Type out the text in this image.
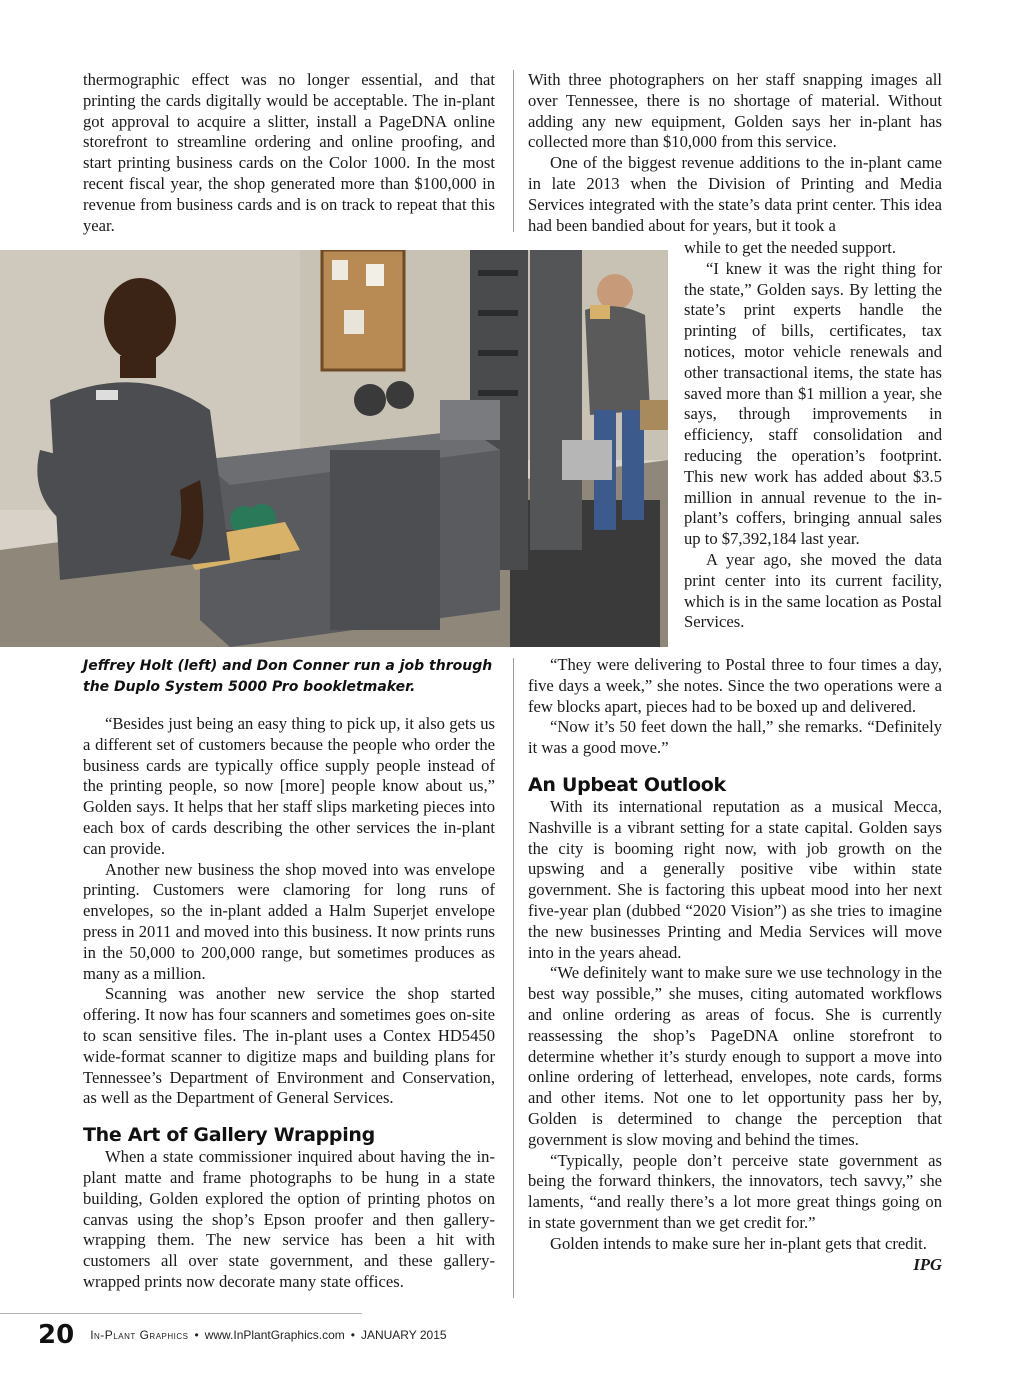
thermographic effect was no longer essential, and that printing the cards digitally would be acceptable. The in-plant got approval to acquire a slitter, install a PageDNA online storefront to streamline ordering and online proofing, and start printing business cards on the Color 1000. In the most recent fiscal year, the shop generated more than $100,000 in revenue from business cards and is on track to repeat that this year.

Jeffrey Holt (left) and Don Conner run a job through the Duplo System 5000 Pro bookletmaker.

“Besides just being an easy thing to pick up, it also gets us a different set of customers because the people who order the business cards are typically office supply people instead of the printing people, so now [more] people know about us,” Golden says. It helps that her staff slips marketing pieces into each box of cards describing the other services the in-plant can provide.

Another new business the shop moved into was envelope printing. Customers were clamoring for long runs of envelopes, so the in-plant added a Halm Superjet envelope press in 2011 and moved into this business. It now prints runs in the 50,000 to 200,000 range, but sometimes produces as many as a million.

Scanning was another new service the shop started offering. It now has four scanners and sometimes goes on-site to scan sensitive files. The in-plant uses a Contex HD5450 wide-format scanner to digitize maps and building plans for Tennessee’s Department of Environment and Conservation, as well as the Department of General Services.

The Art of Gallery Wrapping

When a state commissioner inquired about having the in-plant matte and frame photographs to be hung in a state building, Golden explored the option of printing photos on canvas using the shop’s Epson proofer and then gallery-wrapping them. The new service has been a hit with customers all over state government, and these gallery-wrapped prints now decorate many state offices.

With three photographers on her staff snapping images all over Tennessee, there is no shortage of material. Without adding any new equipment, Golden says her in-plant has collected more than $10,000 from this service.

One of the biggest revenue additions to the in-plant came in late 2013 when the Division of Printing and Media Services integrated with the state’s data print center. This idea had been bandied about for years, but it took a

while to get the needed support.

“I knew it was the right thing for the state,” Golden says. By letting the state’s print experts handle the printing of bills, certificates, tax notices, motor vehicle renewals and other transactional items, the state has saved more than $1 million a year, she says, through improvements in efficiency, staff consolidation and reducing the operation’s footprint. This new work has added about $3.5 million in annual revenue to the in-plant’s coffers, bringing annual sales up to $7,392,184 last year.

A year ago, she moved the data print center into its current facility, which is in the same location as Postal Services.

“They were delivering to Postal three to four times a day, five days a week,” she notes. Since the two operations were a few blocks apart, pieces had to be boxed up and delivered.

“Now it’s 50 feet down the hall,” she remarks. “Definitely it was a good move.”

An Upbeat Outlook

With its international reputation as a musical Mecca, Nashville is a vibrant setting for a state capital. Golden says the city is booming right now, with job growth on the upswing and a generally positive vibe within state government. She is factoring this upbeat mood into her next five-year plan (dubbed “2020 Vision”) as she tries to imagine the new businesses Printing and Media Services will move into in the years ahead.

“We definitely want to make sure we use technology in the best way possible,” she muses, citing automated workflows and online ordering as areas of focus. She is currently reassessing the shop’s PageDNA online storefront to determine whether it’s sturdy enough to support a move into online ordering of letterhead, envelopes, note cards, forms and other items. Not one to let opportunity pass her by, Golden is determined to change the perception that government is slow moving and behind the times.

“Typically, people don’t perceive state government as being the forward thinkers, the innovators, tech savvy,” she laments, “and really there’s a lot more great things going on in state government than we get credit for.”

Golden intends to make sure her in-plant gets that credit.
IPG

20 In-Plant Graphics • www.InPlantGraphics.com • JANUARY 2015
